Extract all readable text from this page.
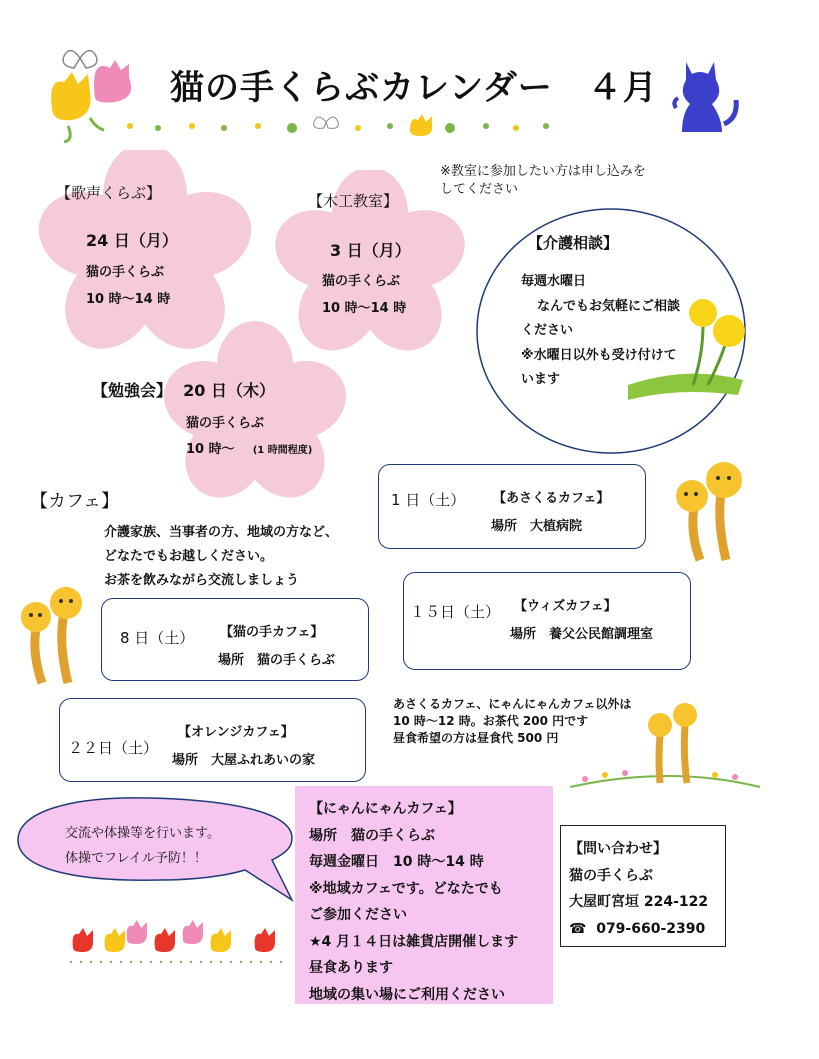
猫の手くらぶカレンダー　４月
※教室に参加したい方は申し込みを
してください
【歌声くらぶ】
24 日（月）
猫の手くらぶ
10 時〜14 時
【木工教室】
3 日（月）
猫の手くらぶ
10 時〜14 時
【勉強会】 20 日（木）
猫の手くらぶ
10 時〜 (1 時間程度)
【介護相談】
毎週水曜日
なんでもお気軽にご相談
ください
※水曜日以外も受け付けて
います
【カフェ】
介護家族、当事者の方、地域の方など、
どなたでもお越しください。
お茶を飲みながら交流しましょう
1 日（土） 【あさくるカフェ】
場所　大植病院
１５日（土） 【ウィズカフェ】
場所　養父公民館調理室
8 日（土） 【猫の手カフェ】
場所　猫の手くらぶ
２２日（土）
【オレンジカフェ】
場所　大屋ふれあいの家
あさくるカフェ、にゃんにゃんカフェ以外は
10 時〜12 時。お茶代 200 円です
昼食希望の方は昼食代 500 円
交流や体操等を行います。
体操でフレイル予防！！
【にゃんにゃんカフェ】
場所　猫の手くらぶ
毎週金曜日　10 時〜14 時
※地域カフェです。どなたでも
ご参加ください
★4 月１４日は雑貨店開催します
昼食あります
地域の集い場にご利用ください
【問い合わせ】
猫の手くらぶ
大屋町宮垣 224-122
☎ 079-660-2390
